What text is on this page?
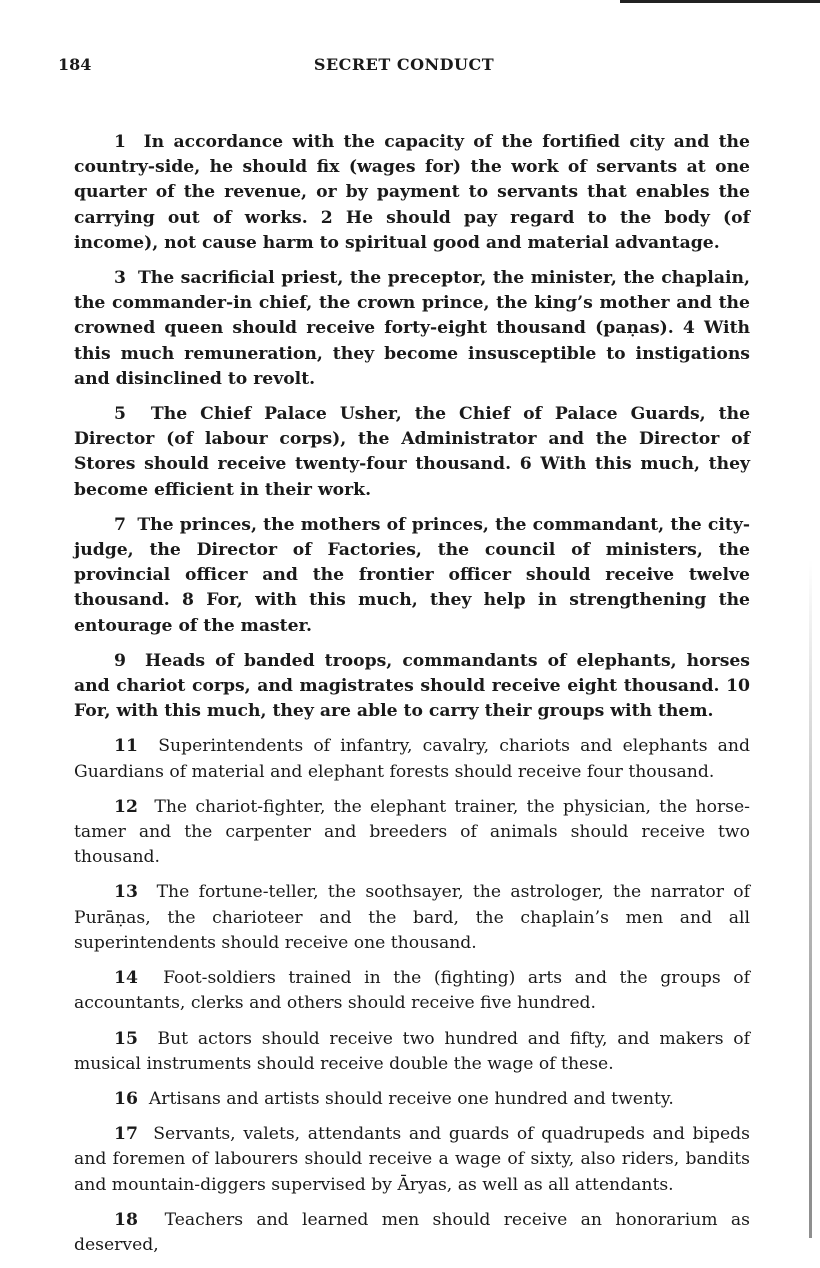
184	SECRET CONDUCT

1 In accordance with the capacity of the fortified city and the country-side, he should fix (wages for) the work of servants at one quarter of the revenue, or by payment to servants that enables the carrying out of works. 2 He should pay regard to the body (of income), not cause harm to spiritual good and material advantage.

3 The sacrificial priest, the preceptor, the minister, the chaplain, the commander-in chief, the crown prince, the king’s mother and the crowned queen should receive forty-eight thousand (paṇas). 4 With this much remuneration, they become insusceptible to instigations and disinclined to revolt.

5 The Chief Palace Usher, the Chief of Palace Guards, the Director (of labour corps), the Administrator and the Director of Stores should receive twenty-four thousand. 6 With this much, they become efficient in their work.

7 The princes, the mothers of princes, the commandant, the city-judge, the Director of Factories, the council of ministers, the provincial officer and the frontier officer should receive twelve thousand. 8 For, with this much, they help in strengthening the entourage of the master.

9 Heads of banded troops, commandants of elephants, horses and chariot corps, and magistrates should receive eight thousand. 10 For, with this much, they are able to carry their groups with them.

11 Superintendents of infantry, cavalry, chariots and elephants and Guardians of material and elephant forests should receive four thousand.

12 The chariot-fighter, the elephant trainer, the physician, the horse-tamer and the carpenter and breeders of animals should receive two thousand.

13 The fortune-teller, the soothsayer, the astrologer, the narrator of Purāṇas, the charioteer and the bard, the chaplain’s men and all superintendents should receive one thousand.

14 Foot-soldiers trained in the (fighting) arts and the groups of accountants, clerks and others should receive five hundred.

15 But actors should receive two hundred and fifty, and makers of musical instruments should receive double the wage of these.

16 Artisans and artists should receive one hundred and twenty.

17 Servants, valets, attendants and guards of quadrupeds and bipeds and foremen of labourers should receive a wage of sixty, also riders, bandits and mountain-diggers supervised by Āryas, as well as all attendants.

18 Teachers and learned men should receive an honorarium as deserved,
